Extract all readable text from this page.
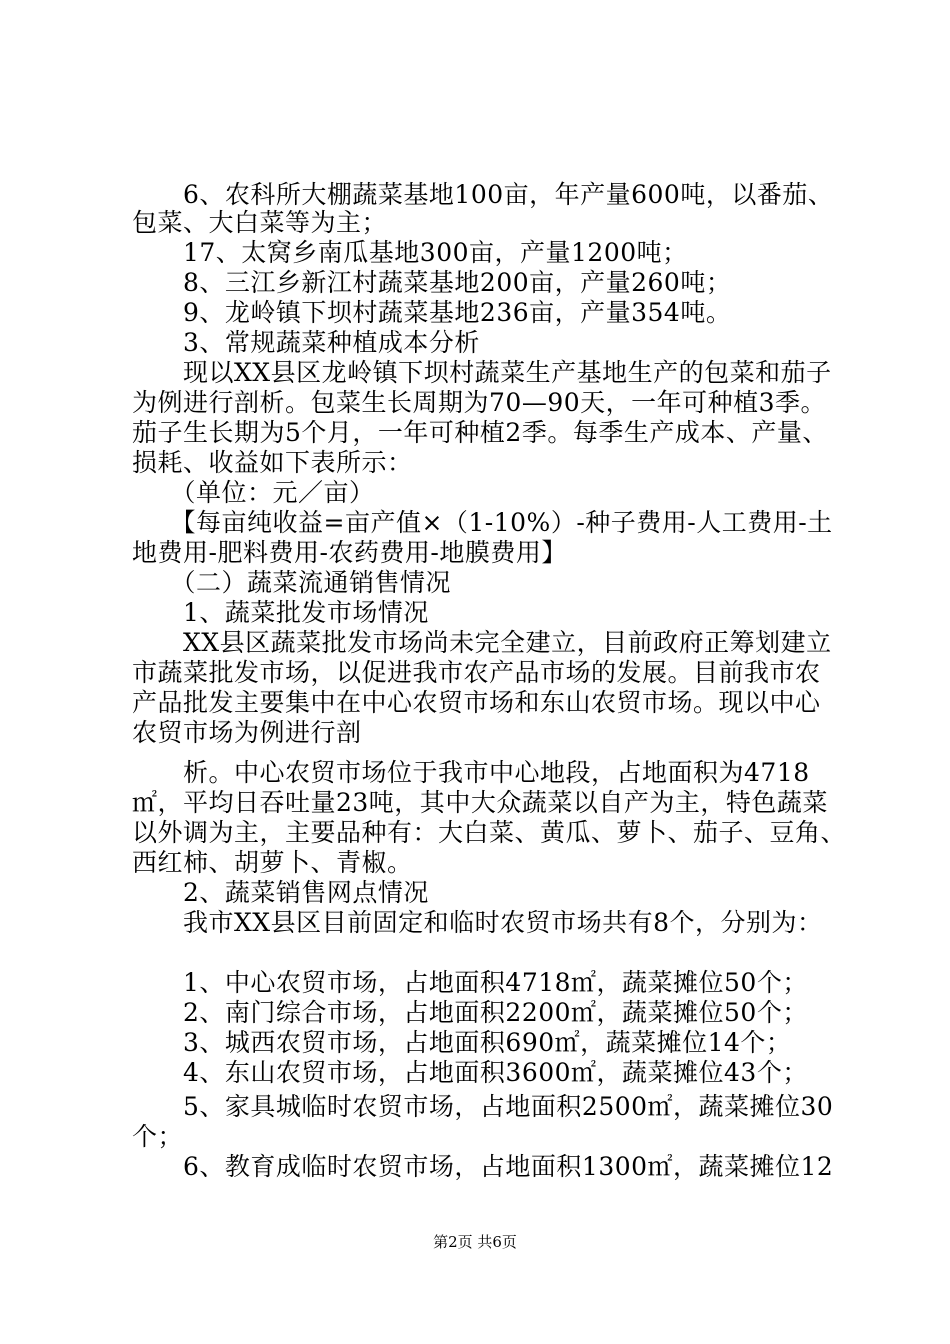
　　6、农科所大棚蔬菜基地100亩，年产量600吨，以番茄、
包菜、大白菜等为主；
　　17、太窝乡南瓜基地300亩，产量1200吨；
　　8、三江乡新江村蔬菜基地200亩，产量260吨；
　　9、龙岭镇下坝村蔬菜基地236亩，产量354吨。
　　3、常规蔬菜种植成本分析
　　现以XX县区龙岭镇下坝村蔬菜生产基地生产的包菜和茄子
为例进行剖析。包菜生长周期为70—90天，一年可种植3季。
茄子生长期为5个月，一年可种植2季。每季生产成本、产量、
损耗、收益如下表所示：
　　（单位：元／亩）
　　【每亩纯收益=亩产值×（1-10%）-种子费用-人工费用-土
地费用-肥料费用-农药费用-地膜费用】
　　（二）蔬菜流通销售情况
　　1、蔬菜批发市场情况
　　XX县区蔬菜批发市场尚未完全建立，目前政府正筹划建立
市蔬菜批发市场，以促进我市农产品市场的发展。目前我市农
产品批发主要集中在中心农贸市场和东山农贸市场。现以中心
农贸市场为例进行剖
　　析。中心农贸市场位于我市中心地段，占地面积为4718
㎡，平均日吞吐量23吨，其中大众蔬菜以自产为主，特色蔬菜
以外调为主，主要品种有：大白菜、黄瓜、萝卜、茄子、豆角、
西红柿、胡萝卜、青椒。
　　2、蔬菜销售网点情况
　　我市XX县区目前固定和临时农贸市场共有8个，分别为：
　　1、中心农贸市场，占地面积4718㎡，蔬菜摊位50个；
　　2、南门综合市场，占地面积2200㎡，蔬菜摊位50个；
　　3、城西农贸市场，占地面积690㎡，蔬菜摊位14个；
　　4、东山农贸市场，占地面积3600㎡，蔬菜摊位43个；
　　5、家具城临时农贸市场，占地面积2500㎡，蔬菜摊位30
个；
　　6、教育成临时农贸市场，占地面积1300㎡，蔬菜摊位12
第2页 共6页
